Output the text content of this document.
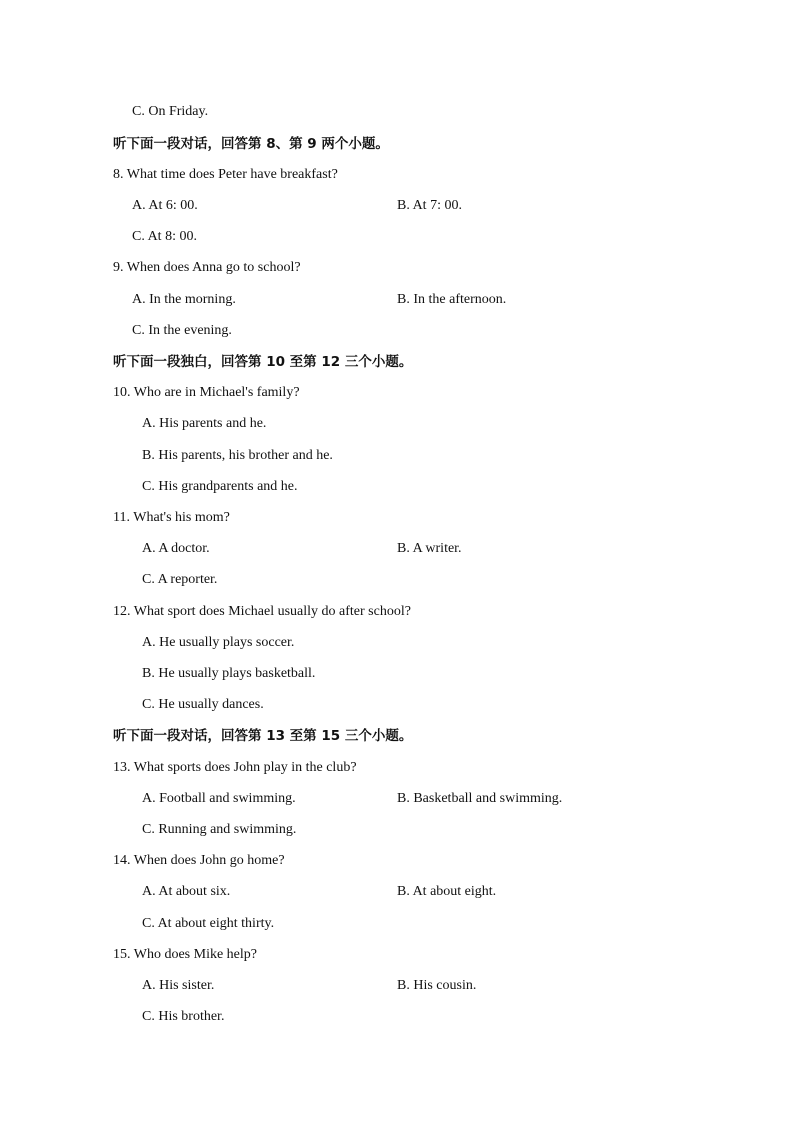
C. On Friday.
听下面一段对话，回答第 8、第 9 两个小题。
8. What time does Peter have breakfast?
A. At 6: 00.	B. At 7: 00.
C. At 8: 00.
9. When does Anna go to school?
A. In the morning.	B. In the afternoon.
C. In the evening.
听下面一段独白，回答第 10 至第 12 三个小题。
10. Who are in Michael's family?
A. His parents and he.
B. His parents, his brother and he.
C. His grandparents and he.
11. What's his mom?
A. A doctor.	B. A writer.
C. A reporter.
12. What sport does Michael usually do after school?
A. He usually plays soccer.
B. He usually plays basketball.
C. He usually dances.
听下面一段对话，回答第 13 至第 15 三个小题。
13. What sports does John play in the club?
A. Football and swimming.	B. Basketball and swimming.
C. Running and swimming.
14. When does John go home?
A. At about six.	B. At about eight.
C. At about eight thirty.
15. Who does Mike help?
A. His sister.	B. His cousin.
C. His brother.
